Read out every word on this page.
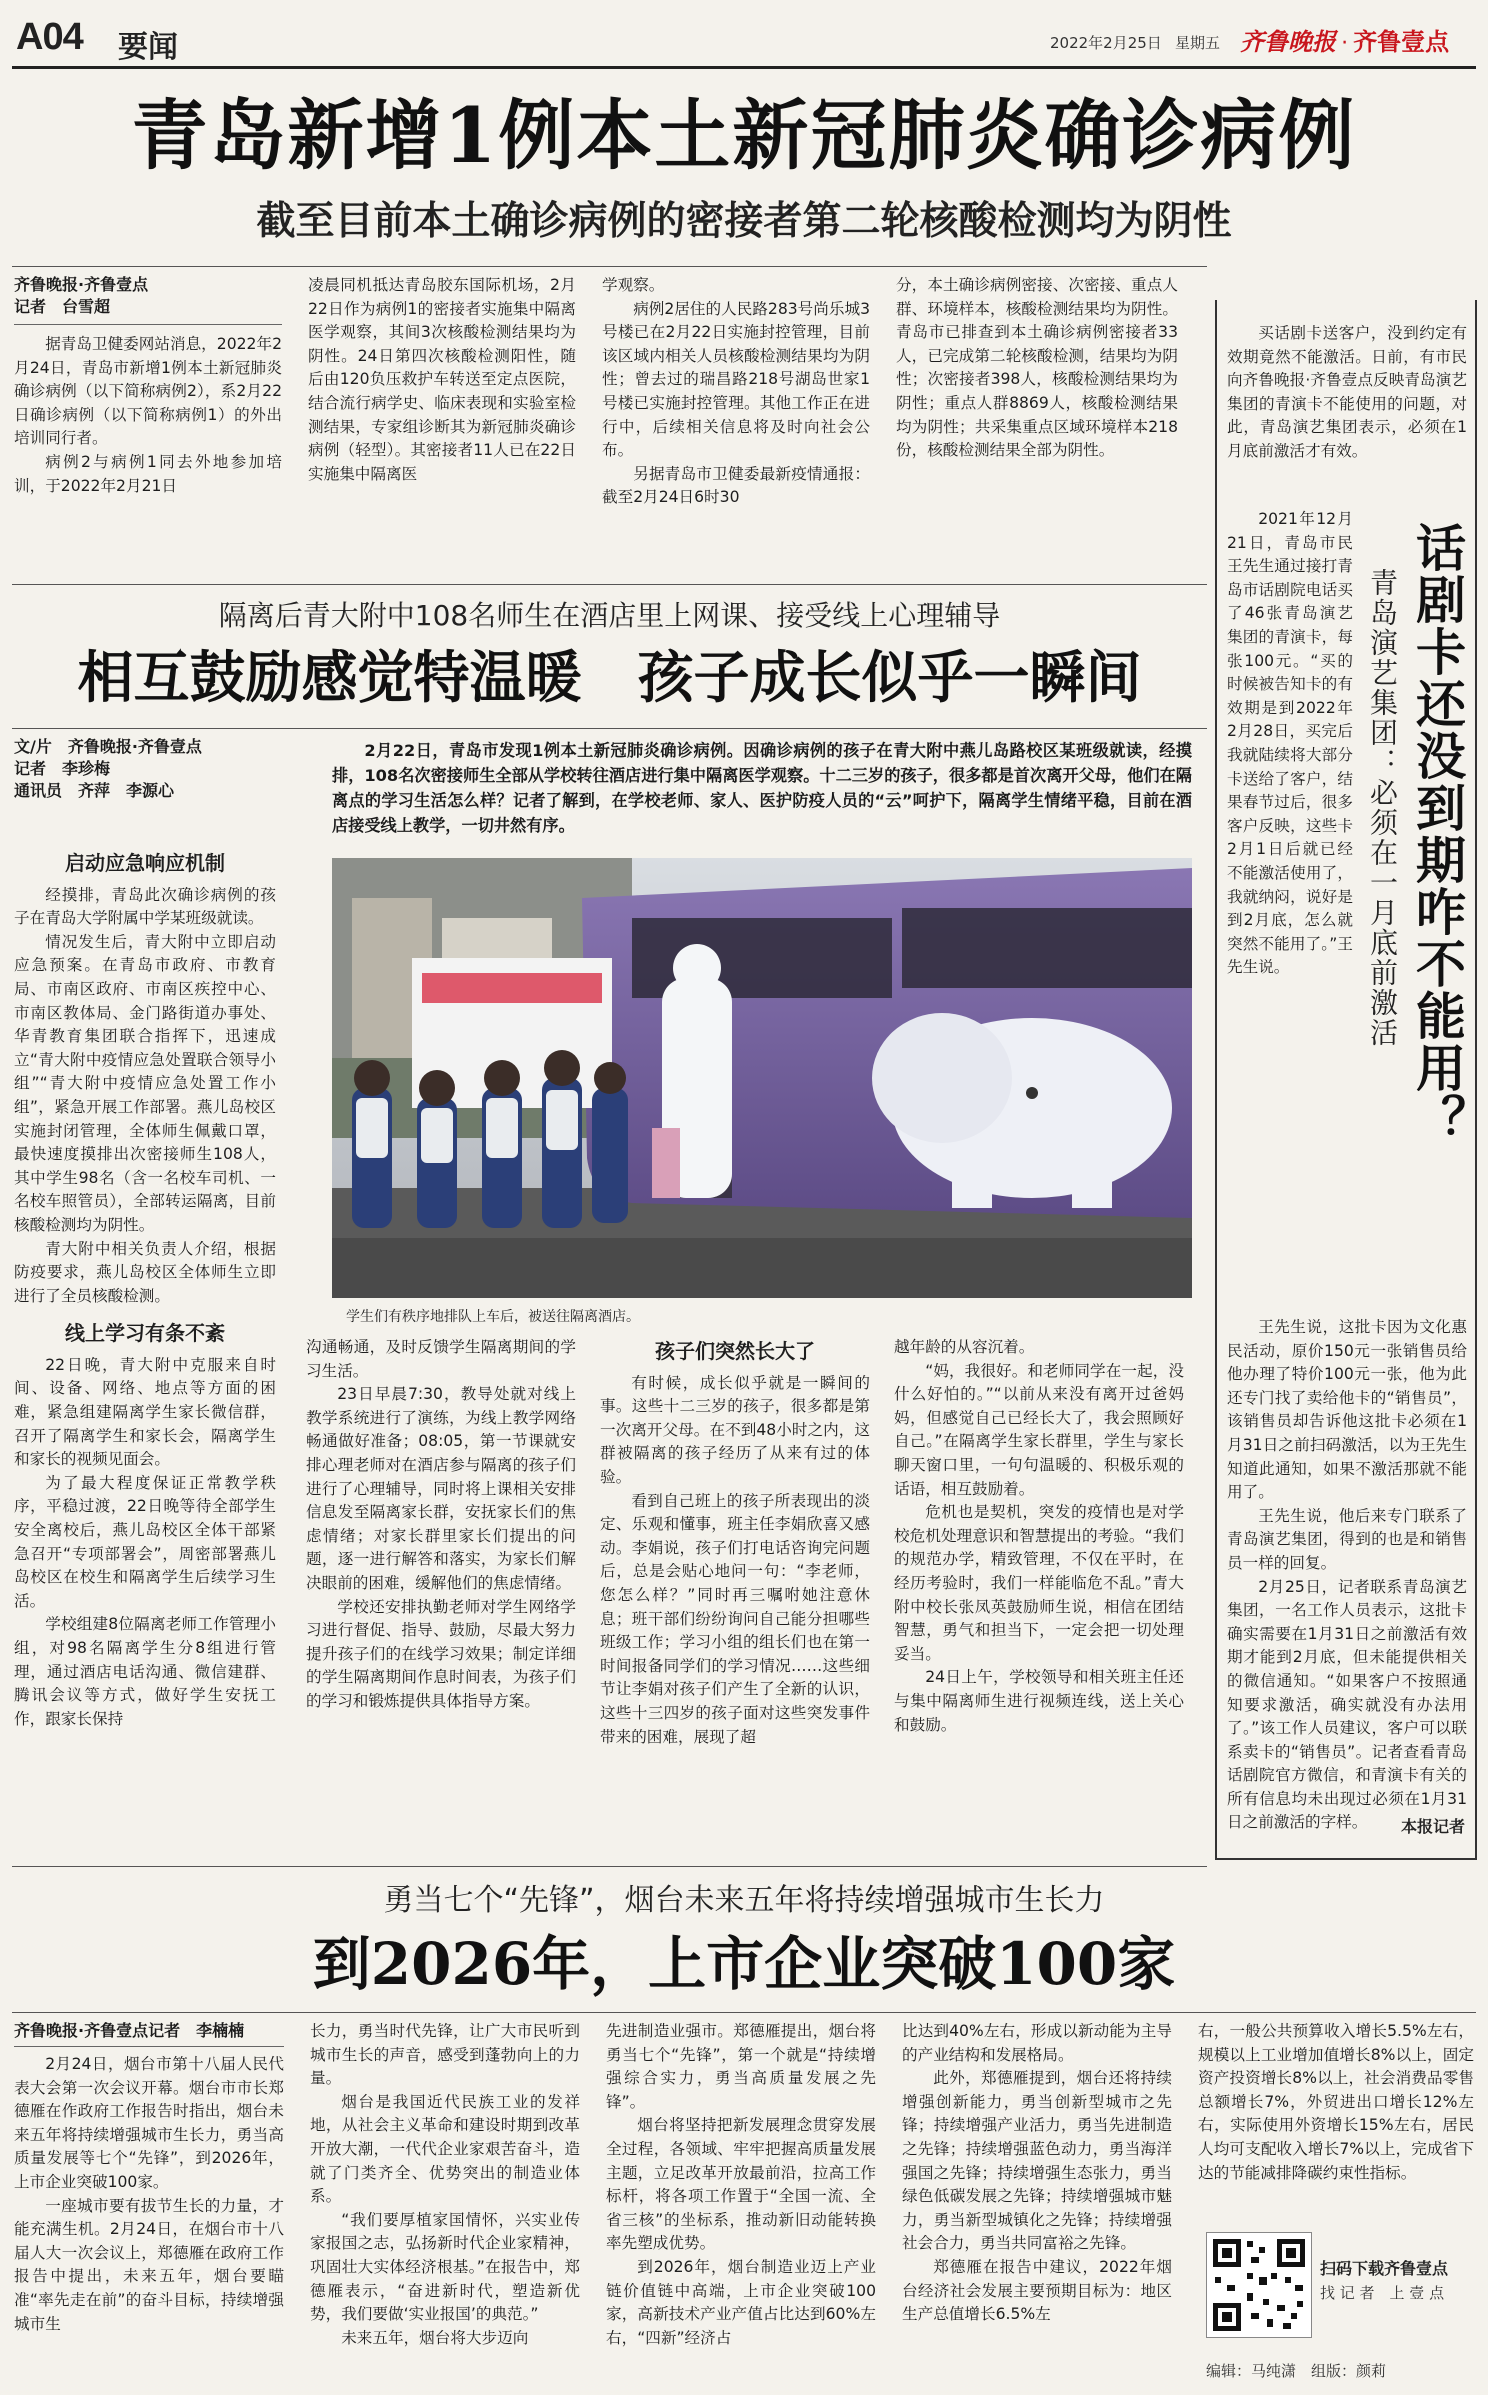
A04 要闻	2022年2月25日 星期五 齐鲁晚报 · 齐鲁壹点
青岛新增1例本土新冠肺炎确诊病例
截至目前本土确诊病例的密接者第二轮核酸检测均为阴性
齐鲁晚报·齐鲁壹点
记者　台雪超

据青岛卫健委网站消息，2022年2月24日，青岛市新增1例本土新冠肺炎确诊病例（以下简称病例2），系2月22日确诊病例（以下简称病例1）的外出培训同行者。

病例2与病例1同去外地参加培训，于2022年2月21日

凌晨同机抵达青岛胶东国际机场，2月22日作为病例1的密接者实施集中隔离医学观察，其间3次核酸检测结果均为阴性。24日第四次核酸检测阳性，随后由120负压救护车转送至定点医院，结合流行病学史、临床表现和实验室检测结果，专家组诊断其为新冠肺炎确诊病例（轻型）。其密接者11人已在22日实施集中隔离医

学观察。

病例2居住的人民路283号尚乐城3号楼已在2月22日实施封控管理，目前该区域内相关人员核酸检测结果均为阴性；曾去过的瑞昌路218号湖岛世家1号楼已实施封控管理。其他工作正在进行中，后续相关信息将及时向社会公布。

另据青岛市卫健委最新疫情通报：截至2月24日6时30

分，本土确诊病例密接、次密接、重点人群、环境样本，核酸检测结果均为阴性。青岛市已排查到本土确诊病例密接者33人，已完成第二轮核酸检测，结果均为阴性；次密接者398人，核酸检测结果均为阴性；重点人群8869人，核酸检测结果均为阴性；共采集重点区域环境样本218份，核酸检测结果全部为阴性。

隔离后青大附中108名师生在酒店里上网课、接受线上心理辅导
相互鼓励感觉特温暖　孩子成长似乎一瞬间
文/片　齐鲁晚报·齐鲁壹点
记者　李珍梅
通讯员　齐萍　李源心

2月22日，青岛市发现1例本土新冠肺炎确诊病例。因确诊病例的孩子在青大附中燕儿岛路校区某班级就读，经摸排，108名次密接师生全部从学校转往酒店进行集中隔离医学观察。十二三岁的孩子，很多都是首次离开父母，他们在隔离点的学习生活怎么样？记者了解到，在学校老师、家人、医护防疫人员的“云”呵护下，隔离学生情绪平稳，目前在酒店接受线上教学，一切井然有序。

启动应急响应机制

经摸排，青岛此次确诊病例的孩子在青岛大学附属中学某班级就读。

情况发生后，青大附中立即启动应急预案。在青岛市政府、市教育局、市南区政府、市南区疾控中心、市南区教体局、金门路街道办事处、华青教育集团联合指挥下，迅速成立“青大附中疫情应急处置联合领导小组”“青大附中疫情应急处置工作小组”，紧急开展工作部署。燕儿岛校区实施封闭管理，全体师生佩戴口罩，最快速度摸排出次密接师生108人，其中学生98名（含一名校车司机、一名校车照管员），全部转运隔离，目前核酸检测均为阴性。

青大附中相关负责人介绍，根据防疫要求，燕儿岛校区全体师生立即进行了全员核酸检测。

线上学习有条不紊

22日晚，青大附中克服来自时间、设备、网络、地点等方面的困难，紧急组建隔离学生家长微信群，召开了隔离学生和家长会，隔离学生和家长的视频见面会。

为了最大程度保证正常教学秩序，平稳过渡，22日晚等待全部学生安全离校后，燕儿岛校区全体干部紧急召开“专项部署会”，周密部署燕儿岛校区在校生和隔离学生后续学习生活。

学校组建8位隔离老师工作管理小组，对98名隔离学生分8组进行管理，通过酒店电话沟通、微信建群、腾讯会议等方式，做好学生安抚工作，跟家长保持

学生们有秩序地排队上车后，被送往隔离酒店。

沟通畅通，及时反馈学生隔离期间的学习生活。

23日早晨7:30，教导处就对线上教学系统进行了演练，为线上教学网络畅通做好准备；08:05，第一节课就安排心理老师对在酒店参与隔离的孩子们进行了心理辅导，同时将上课相关安排信息发至隔离家长群，安抚家长们的焦虑情绪；对家长群里家长们提出的问题，逐一进行解答和落实，为家长们解决眼前的困难，缓解他们的焦虑情绪。

学校还安排执勤老师对学生网络学习进行督促、指导、鼓励，尽最大努力提升孩子们的在线学习效果；制定详细的学生隔离期间作息时间表，为孩子们的学习和锻炼提供具体指导方案。

孩子们突然长大了

有时候，成长似乎就是一瞬间的事。这些十二三岁的孩子，很多都是第一次离开父母。在不到48小时之内，这群被隔离的孩子经历了从来有过的体验。

看到自己班上的孩子所表现出的淡定、乐观和懂事，班主任李娟欣喜又感动。李娟说，孩子们打电话咨询完问题后，总是会贴心地问一句：“李老师，您怎么样？”同时再三嘱咐她注意休息；班干部们纷纷询问自己能分担哪些班级工作；学习小组的组长们也在第一时间报备同学们的学习情况……这些细节让李娟对孩子们产生了全新的认识，这些十三四岁的孩子面对这些突发事件带来的困难，展现了超

越年龄的从容沉着。

“妈，我很好。和老师同学在一起，没什么好怕的。”“以前从来没有离开过爸妈妈，但感觉自己已经长大了，我会照顾好自己。”在隔离学生家长群里，学生与家长聊天窗口里，一句句温暖的、积极乐观的话语，相互鼓励着。

危机也是契机，突发的疫情也是对学校危机处理意识和智慧提出的考验。“我们的规范办学，精致管理，不仅在平时，在经历考验时，我们一样能临危不乱。”青大附中校长张凤英鼓励师生说，相信在团结智慧，勇气和担当下，一定会把一切处理妥当。

24日上午，学校领导和相关班主任还与集中隔离师生进行视频连线，送上关心和鼓励。

买话剧卡送客户，没到约定有效期竟然不能激活。日前，有市民向齐鲁晚报·齐鲁壹点反映青岛演艺集团的青演卡不能使用的问题，对此，青岛演艺集团表示，必须在1月底前激活才有效。

2021年12月21日，青岛市民王先生通过接打青岛市话剧院电话买了46张青岛演艺集团的青演卡，每张100元。“买的时候被告知卡的有效期是到2022年2月28日，买完后我就陆续将大部分卡送给了客户，结果春节过后，很多客户反映，这些卡2月1日后就已经不能激活使用了，我就纳闷，说好是到2月底，怎么就突然不能用了。”王先生说。	话剧卡还没到期咋不能用？
青岛演艺集团：必须在一月底前激活

王先生说，这批卡因为文化惠民活动，原价150元一张销售员给他办理了特价100元一张，他为此还专门找了卖给他卡的“销售员”，该销售员却告诉他这批卡必须在1月31日之前扫码激活，以为王先生知道此通知，如果不激活那就不能用了。

王先生说，他后来专门联系了青岛演艺集团，得到的也是和销售员一样的回复。

2月25日，记者联系青岛演艺集团，一名工作人员表示，这批卡确实需要在1月31日之前激活有效期才能到2月底，但未能提供相关的微信通知。“如果客户不按照通知要求激活，确实就没有办法用了。”该工作人员建议，客户可以联系卖卡的“销售员”。记者查看青岛话剧院官方微信，和青演卡有关的所有信息均未出现过必须在1月31日之前激活的字样。	本报记者
勇当七个“先锋”，烟台未来五年将持续增强城市生长力
到2026年，上市企业突破100家
齐鲁晚报·齐鲁壹点记者　李楠楠

2月24日，烟台市第十八届人民代表大会第一次会议开幕。烟台市市长郑德雁在作政府工作报告时指出，烟台未来五年将持续增强城市生长力，勇当高质量发展等七个“先锋”，到2026年，上市企业突破100家。

一座城市要有拔节生长的力量，才能充满生机。2月24日，在烟台市十八届人大一次会议上，郑德雁在政府工作报告中提出，未来五年，烟台要瞄准“率先走在前”的奋斗目标，持续增强城市生

长力，勇当时代先锋，让广大市民听到城市生长的声音，感受到蓬勃向上的力量。

烟台是我国近代民族工业的发祥地，从社会主义革命和建设时期到改革开放大潮，一代代企业家艰苦奋斗，造就了门类齐全、优势突出的制造业体系。

“我们要厚植家国情怀，兴实业传家报国之志，弘扬新时代企业家精神，巩固壮大实体经济根基。”在报告中，郑德雁表示，“奋进新时代，塑造新优势，我们要做‘实业报国’的典范。”

未来五年，烟台将大步迈向

先进制造业强市。郑德雁提出，烟台将勇当七个“先锋”，第一个就是“持续增强综合实力，勇当高质量发展之先锋”。

烟台将坚持把新发展理念贯穿发展全过程，各领域、牢牢把握高质量发展主题，立足改革开放最前沿，拉高工作标杆，将各项工作置于“全国一流、全省三核”的坐标系，推动新旧动能转换率先塑成优势。

到2026年，烟台制造业迈上产业链价值链中高端，上市企业突破100家，高新技术产业产值占比达到60%左右，“四新”经济占

比达到40%左右，形成以新动能为主导的产业结构和发展格局。

此外，郑德雁提到，烟台还将持续增强创新能力，勇当创新型城市之先锋；持续增强产业活力，勇当先进制造之先锋；持续增强蓝色动力，勇当海洋强国之先锋；持续增强生态张力，勇当绿色低碳发展之先锋；持续增强城市魅力，勇当新型城镇化之先锋；持续增强社会合力，勇当共同富裕之先锋。

郑德雁在报告中建议，2022年烟台经济社会发展主要预期目标为：地区生产总值增长6.5%左

右，一般公共预算收入增长5.5%左右，规模以上工业增加值增长8%以上，固定资产投资增长8%以上，社会消费品零售总额增长7%，外贸进出口增长12%左右，实际使用外资增长15%左右，居民人均可支配收入增长7%以上，完成省下达的节能减排降碳约束性指标。

扫码下载齐鲁壹点
找 记 者　上 壹 点
编辑：马纯潇　组版：颜莉
